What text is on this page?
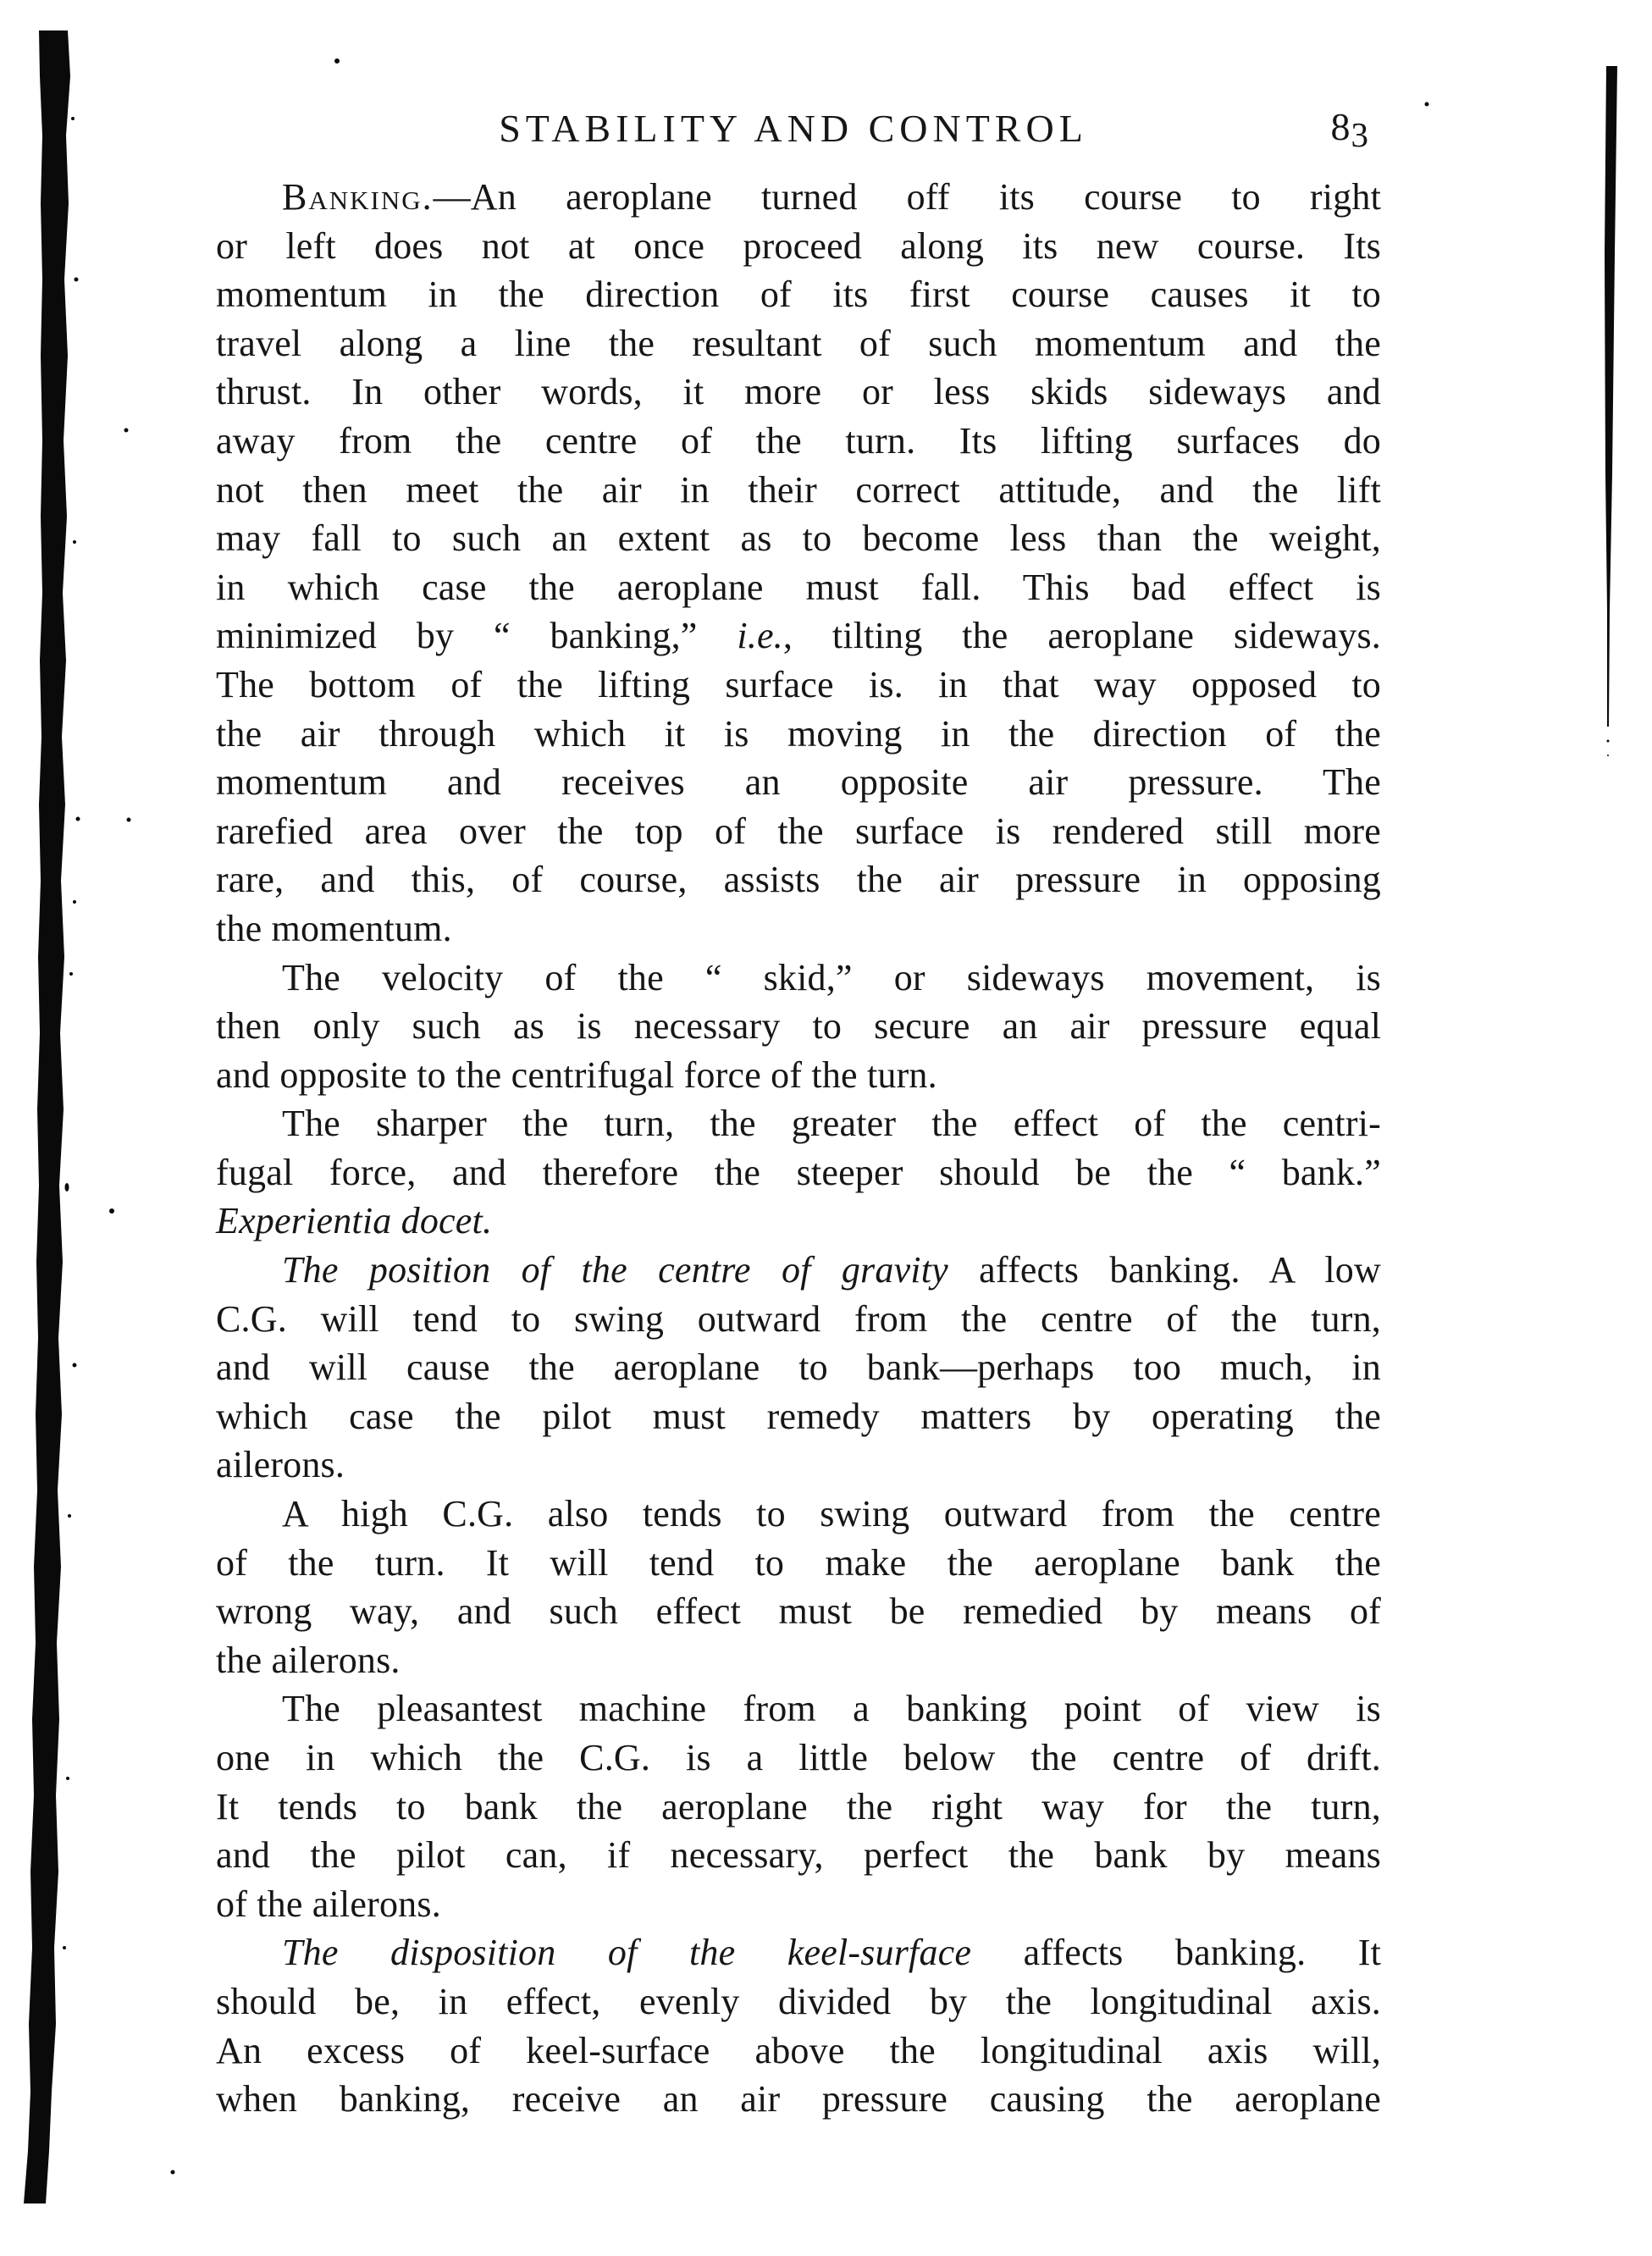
STABILITY AND CONTROL	83
Banking.—An aeroplane turned off its course to right
or left does not at once proceed along its new course. Its
momentum in the direction of its first course causes it to
travel along a line the resultant of such momentum and the
thrust. In other words, it more or less skids sideways and
away from the centre of the turn. Its lifting surfaces do
not then meet the air in their correct attitude, and the lift
may fall to such an extent as to become less than the weight,
in which case the aeroplane must fall. This bad effect is
minimized by “ banking,” i.e., tilting the aeroplane sideways.
The bottom of the lifting surface is. in that way opposed to
the air through which it is moving in the direction of the
momentum and receives an opposite air pressure. The
rarefied area over the top of the surface is rendered still more
rare, and this, of course, assists the air pressure in opposing
the momentum.
The velocity of the “ skid,” or sideways movement, is
then only such as is necessary to secure an air pressure equal
and opposite to the centrifugal force of the turn.
The sharper the turn, the greater the effect of the centri-
fugal force, and therefore the steeper should be the “ bank.”
Experientia docet.
The position of the centre of gravity affects banking. A low
C.G. will tend to swing outward from the centre of the turn,
and will cause the aeroplane to bank—perhaps too much, in
which case the pilot must remedy matters by operating the
ailerons.
A high C.G. also tends to swing outward from the centre
of the turn. It will tend to make the aeroplane bank the
wrong way, and such effect must be remedied by means of
the ailerons.
The pleasantest machine from a banking point of view is
one in which the C.G. is a little below the centre of drift.
It tends to bank the aeroplane the right way for the turn,
and the pilot can, if necessary, perfect the bank by means
of the ailerons.
The disposition of the keel-surface affects banking. It
should be, in effect, evenly divided by the longitudinal axis.
An excess of keel-surface above the longitudinal axis will,
when banking, receive an air pressure causing the aeroplane
